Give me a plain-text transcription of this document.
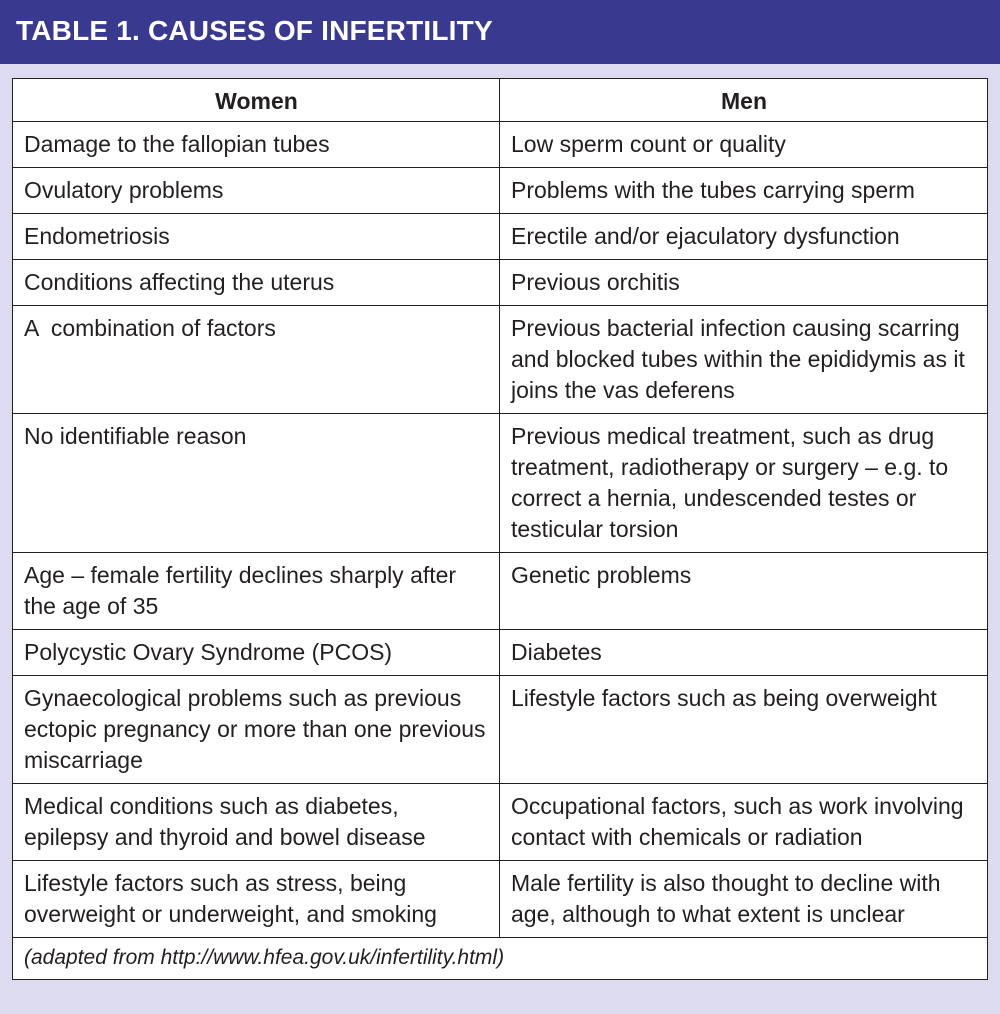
TABLE 1. CAUSES OF INFERTILITY
Women	Men
Damage to the fallopian tubes	Low sperm count or quality
Ovulatory problems	Problems with the tubes carrying sperm
Endometriosis	Erectile and/or ejaculatory dysfunction
Conditions affecting the uterus	Previous orchitis
A  combination of factors	Previous bacterial infection causing scarring and blocked tubes within the epididymis as it joins the vas deferens
No identifiable reason	Previous medical treatment, such as drug treatment, radiotherapy or surgery – e.g. to correct a hernia, undescended testes or testicular torsion
Age – female fertility declines sharply after the age of 35	Genetic problems
Polycystic Ovary Syndrome (PCOS)	Diabetes
Gynaecological problems such as previous ectopic pregnancy or more than one previous miscarriage	Lifestyle factors such as being overweight
Medical conditions such as diabetes, epilepsy and thyroid and bowel disease	Occupational factors, such as work involving contact with chemicals or radiation
Lifestyle factors such as stress, being overweight or underweight, and smoking	Male fertility is also thought to decline with age, although to what extent is unclear
(adapted from http://www.hfea.gov.uk/infertility.html)	
